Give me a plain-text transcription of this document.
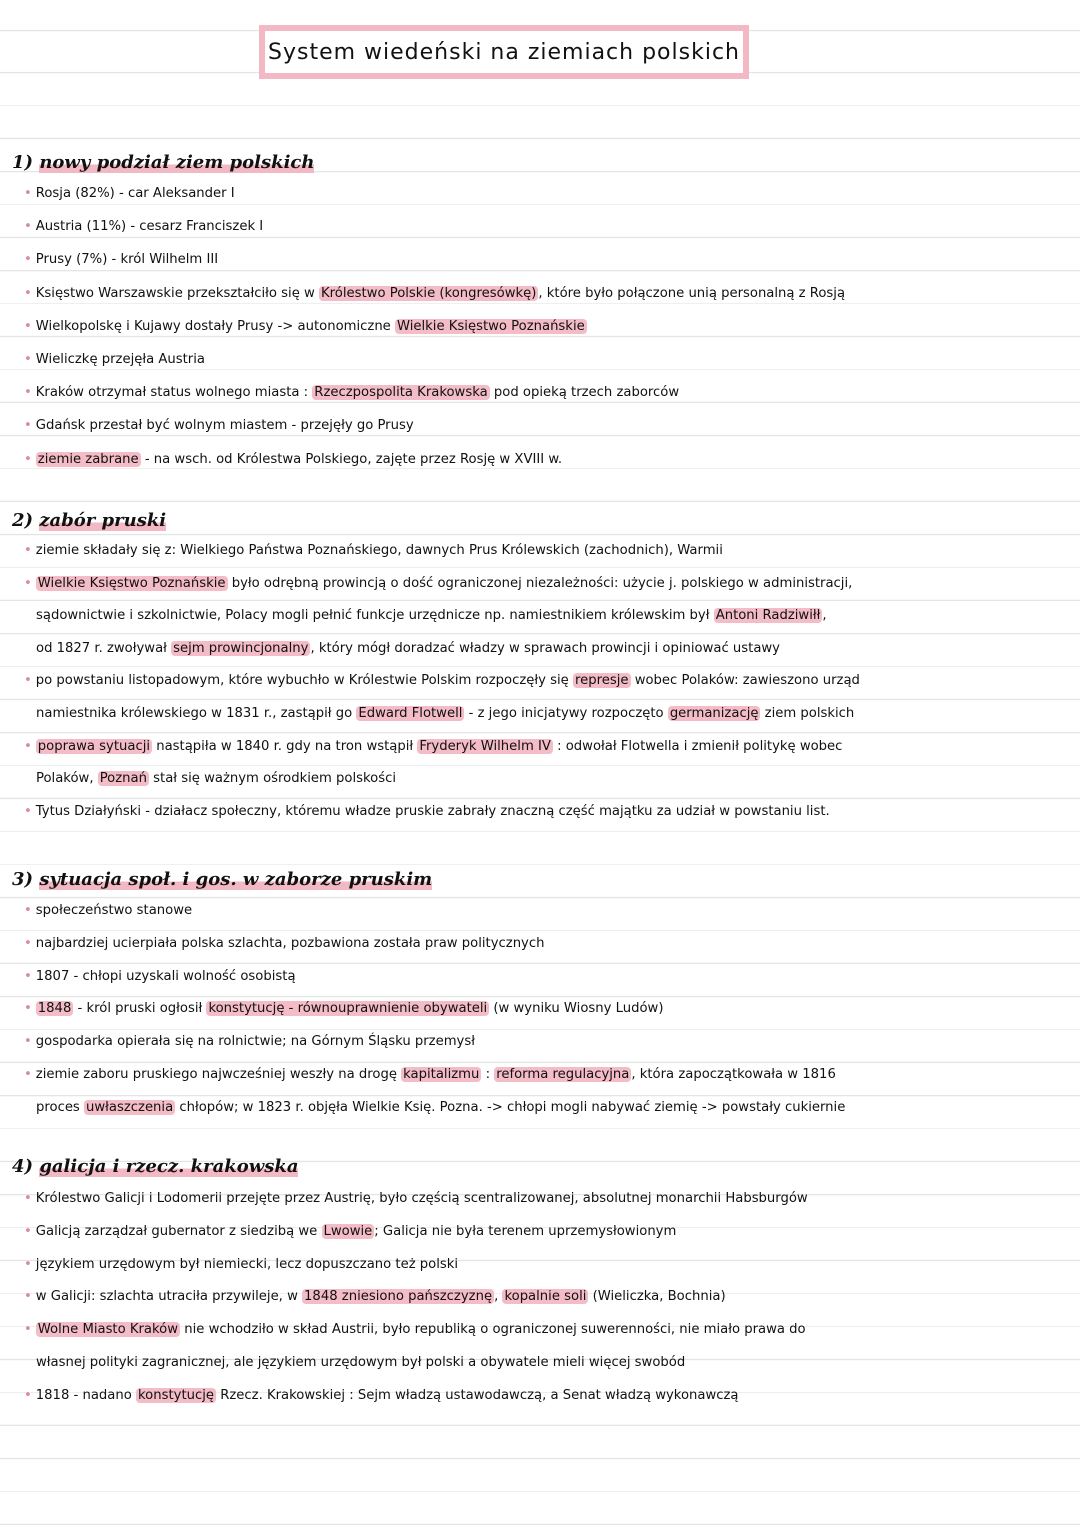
System wiedeński na ziemiach polskich
1) nowy podział ziem polskich
• Rosja (82%) - car Aleksander I
• Austria (11%) - cesarz Franciszek I
• Prusy (7%) - król Wilhelm III
• Księstwo Warszawskie przekształciło się w Królestwo Polskie (kongresówkę) , które było połączone unią personalną z Rosją
• Wielkopolskę i Kujawy dostały Prusy -> autonomiczne Wielkie Księstwo Poznańskie
• Wieliczkę przejęła Austria
• Kraków otrzymał status wolnego miasta : Rzeczpospolita Krakowska pod opieką trzech zaborców
• Gdańsk przestał być wolnym miastem - przejęły go Prusy
• ziemie zabrane - na wsch. od Królestwa Polskiego, zajęte przez Rosję w XVIII w.
2) zabór pruski
• ziemie składały się z: Wielkiego Państwa Poznańskiego, dawnych Prus Królewskich (zachodnich), Warmii
• Wielkie Księstwo Poznańskie było odrębną prowincją o dość ograniczonej niezależności: użycie j. polskiego w administracji,
sądownictwie i szkolnictwie, Polacy mogli pełnić funkcje urzędnicze np. namiestnikiem królewskim był Antoni Radziwiłł ,
od 1827 r. zwoływał sejm prowincjonalny , który mógł doradzać władzy w sprawach prowincji i opiniować ustawy
• po powstaniu listopadowym, które wybuchło w Królestwie Polskim rozpoczęły się represje wobec Polaków: zawieszono urząd
namiestnika królewskiego w 1831 r., zastąpił go Edward Flotwell - z jego inicjatywy rozpoczęto germanizację ziem polskich
• poprawa sytuacji nastąpiła w 1840 r. gdy na tron wstąpił Fryderyk Wilhelm IV : odwołał Flotwella i zmienił politykę wobec
Polaków, Poznań stał się ważnym ośrodkiem polskości
• Tytus Działyński - działacz społeczny, któremu władze pruskie zabrały znaczną część majątku za udział w powstaniu list.
3) sytuacja społ. i gos. w zaborze pruskim
• społeczeństwo stanowe
• najbardziej ucierpiała polska szlachta, pozbawiona została praw politycznych
• 1807 - chłopi uzyskali wolność osobistą
• 1848 - król pruski ogłosił konstytucję - równouprawnienie obywateli (w wyniku Wiosny Ludów)
• gospodarka opierała się na rolnictwie; na Górnym Śląsku przemysł
• ziemie zaboru pruskiego najwcześniej weszły na drogę kapitalizmu : reforma regulacyjna , która zapoczątkowała w 1816
proces uwłaszczenia chłopów; w 1823 r. objęła Wielkie Księ. Pozna. -> chłopi mogli nabywać ziemię -> powstały cukiernie
4) galicja i rzecz. krakowska
• Królestwo Galicji i Lodomerii przejęte przez Austrię, było częścią scentralizowanej, absolutnej monarchii Habsburgów
• Galicją zarządzał gubernator z siedzibą we Lwowie ; Galicja nie była terenem uprzemysłowionym
• językiem urzędowym był niemiecki, lecz dopuszczano też polski
• w Galicji: szlachta utraciła przywileje, w 1848 zniesiono pańszczyznę , kopalnie soli (Wieliczka, Bochnia)
• Wolne Miasto Kraków nie wchodziło w skład Austrii, było republiką o ograniczonej suwerenności, nie miało prawa do
własnej polityki zagranicznej, ale językiem urzędowym był polski a obywatele mieli więcej swobód
• 1818 - nadano konstytucję Rzecz. Krakowskiej : Sejm władzą ustawodawczą, a Senat władzą wykonawczą
